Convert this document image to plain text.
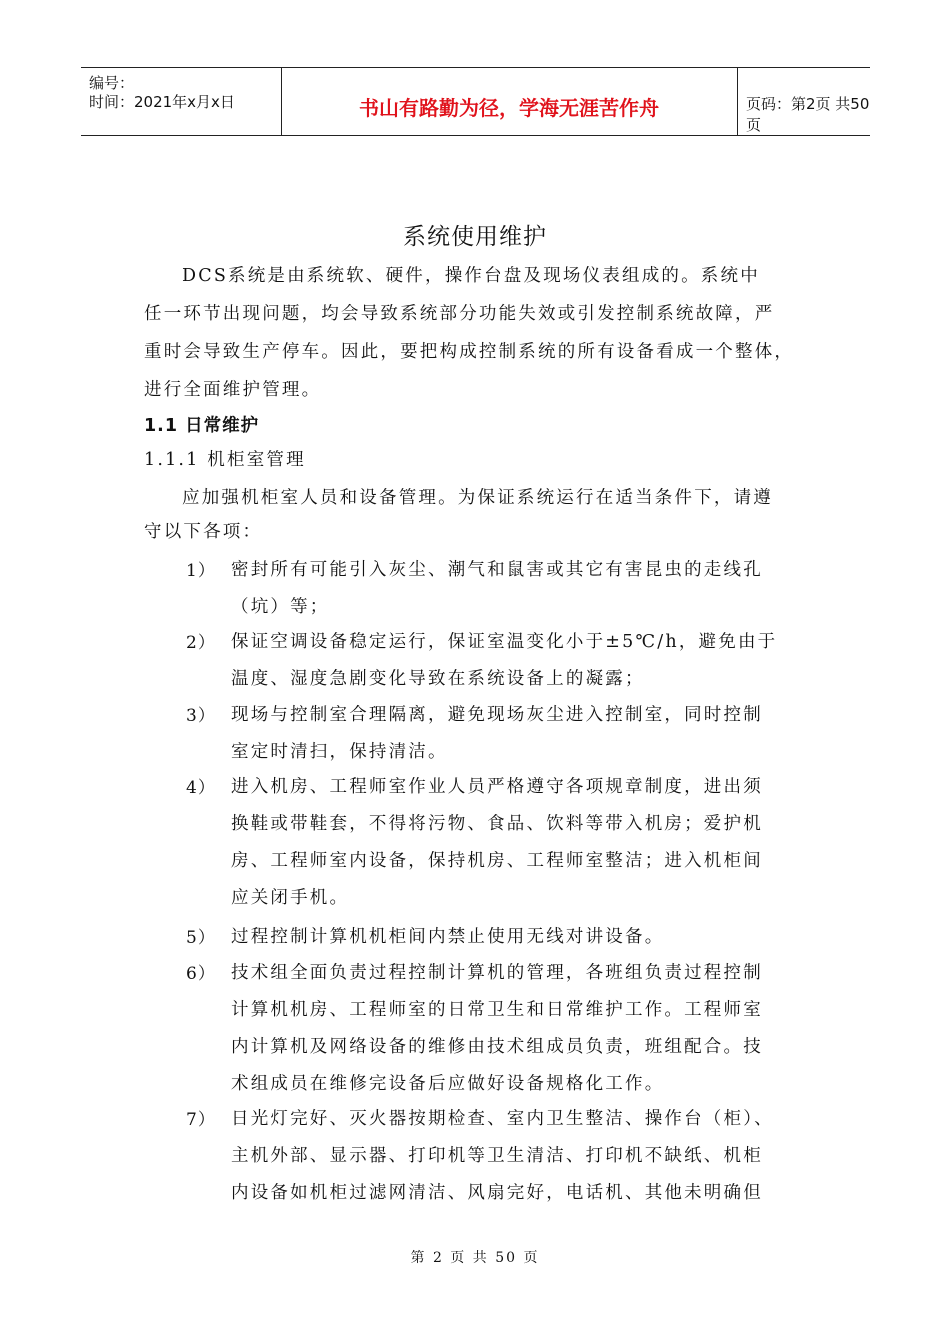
编号：
时间：2021年x月x日	书山有路勤为径，学海无涯苦作舟	页码：第2页 共50页
系统使用维护
DCS系统是由系统软、硬件，操作台盘及现场仪表组成的。系统中
任一环节出现问题，均会导致系统部分功能失效或引发控制系统故障，严
重时会导致生产停车。因此，要把构成控制系统的所有设备看成一个整体，
进行全面维护管理。
1.1 日常维护
1.1.1 机柜室管理
应加强机柜室人员和设备管理。为保证系统运行在适当条件下，请遵
守以下各项：
1） 密封所有可能引入灰尘、潮气和鼠害或其它有害昆虫的走线孔
（坑）等；
2） 保证空调设备稳定运行，保证室温变化小于±5℃/h，避免由于
温度、湿度急剧变化导致在系统设备上的凝露；
3） 现场与控制室合理隔离，避免现场灰尘进入控制室，同时控制
室定时清扫，保持清洁。
4） 进入机房、工程师室作业人员严格遵守各项规章制度，进出须
换鞋或带鞋套，不得将污物、食品、饮料等带入机房；爱护机
房、工程师室内设备，保持机房、工程师室整洁；进入机柜间
应关闭手机。
5） 过程控制计算机机柜间内禁止使用无线对讲设备。
6） 技术组全面负责过程控制计算机的管理，各班组负责过程控制
计算机机房、工程师室的日常卫生和日常维护工作。工程师室
内计算机及网络设备的维修由技术组成员负责，班组配合。技
术组成员在维修完设备后应做好设备规格化工作。
7） 日光灯完好、灭火器按期检查、室内卫生整洁、操作台（柜）、
主机外部、显示器、打印机等卫生清洁、打印机不缺纸、机柜
内设备如机柜过滤网清洁、风扇完好，电话机、其他未明确但
第 2 页 共 50 页
